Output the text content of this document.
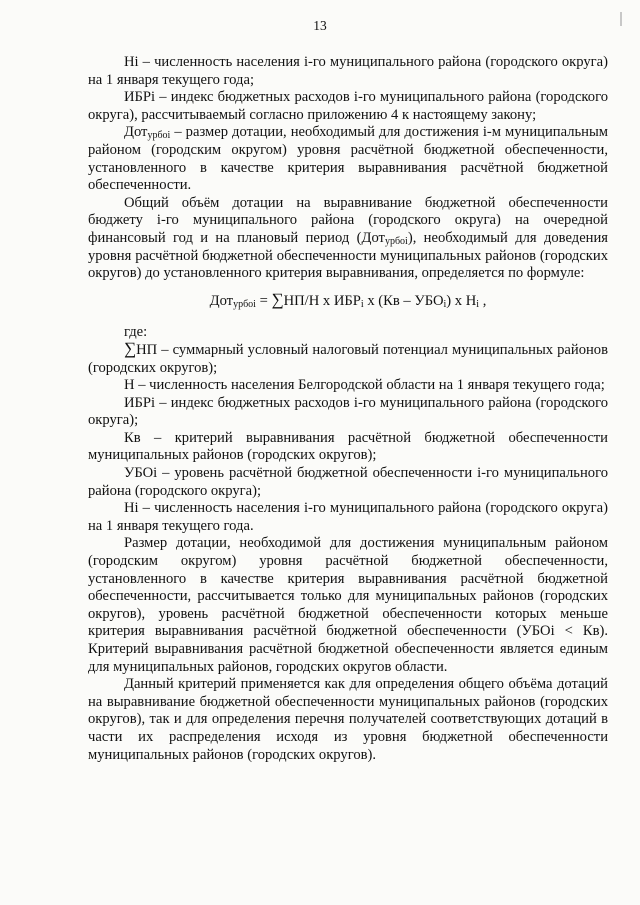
13

Нi – численность населения i-го муниципального района (городского округа) на 1 января текущего года;

ИБРi – индекс бюджетных расходов i-го муниципального района (городского округа), рассчитываемый согласно приложению 4 к настоящему закону;

Дот$_{урбоi}$ – размер дотации, необходимый для достижения i-м муниципальным районом (городским округом) уровня расчётной бюджетной обеспеченности, установленного в качестве критерия выравнивания расчётной бюджетной обеспеченности.

Общий объём дотации на выравнивание бюджетной обеспеченности бюджету i-го муниципального района (городского округа) на очередной финансовый год и на плановый период (Дот$_{урбоi}$), необходимый для доведения уровня расчётной бюджетной обеспеченности муниципальных районов (городских округов) до установленного критерия выравнивания, определяется по формуле:

Дот$_{урбоi}$ = ∑НП/Н х $ИБР_i$ х $(Кв - УБО_i)$ х $Н_i$ ,

где:

∑НП – суммарный условный налоговый потенциал муниципальных районов (городских округов);

Н – численность населения Белгородской области на 1 января текущего года;

ИБРi – индекс бюджетных расходов i-го муниципального района (городского округа);

Кв – критерий выравнивания расчётной бюджетной обеспеченности муниципальных районов (городских округов);

УБОi – уровень расчётной бюджетной обеспеченности i-го муниципального района (городского округа);

Нi – численность населения i-го муниципального района (городского округа) на 1 января текущего года.

Размер дотации, необходимой для достижения муниципальным районом (городским округом) уровня расчётной бюджетной обеспеченности, установленного в качестве критерия выравнивания расчётной бюджетной обеспеченности, рассчитывается только для муниципальных районов (городских округов), уровень расчётной бюджетной обеспеченности которых меньше критерия выравнивания расчётной бюджетной обеспеченности (УБОi < Кв). Критерий выравнивания расчётной бюджетной обеспеченности является единым для муниципальных районов, городских округов области.

Данный критерий применяется как для определения общего объёма дотаций на выравнивание бюджетной обеспеченности муниципальных районов (городских округов), так и для определения перечня получателей соответствующих дотаций в части их распределения исходя из уровня бюджетной обеспеченности муниципальных районов (городских округов).
